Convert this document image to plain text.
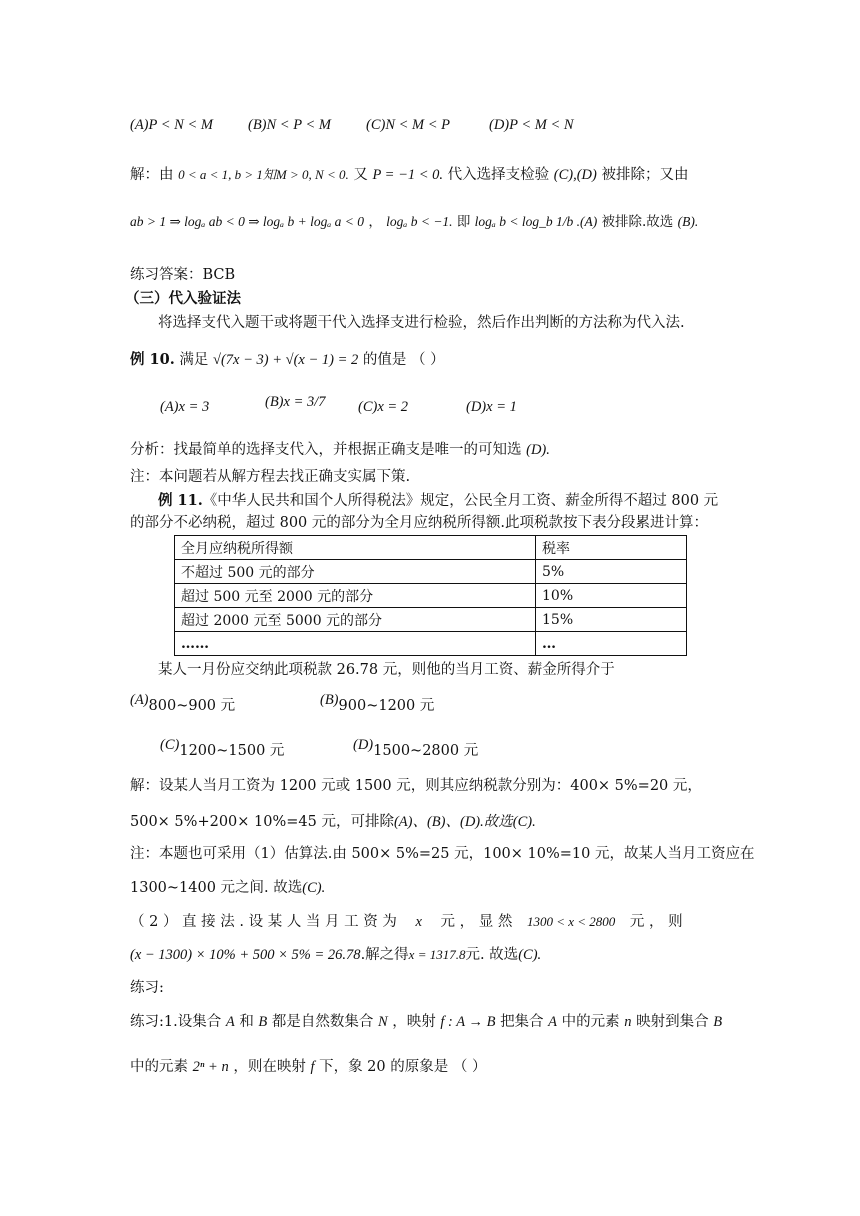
(A)P < N < M (B)N < P < M (C)N < M < P	(D)P < M < N
解：由 0 < a < 1, b > 1知M > 0, N < 0. 又 P = −1 < 0. 代入选择支检验 (C),(D) 被排除；又由
ab > 1 ⇒ logₐ ab < 0 ⇒ logₐ b + logₐ a < 0 ， logₐ b < −1. 即 logₐ b < log_b 1/b .(A) 被排除.故选 (B).
练习答案：BCB
（三）代入验证法
将选择支代入题干或将题干代入选择支进行检验，然后作出判断的方法称为代入法.
例 10. 满足 √(7x − 3) + √(x − 1) = 2 的值是 （ ）
(A)x = 3	(B)x = 3/7 (C)x = 2	(D)x = 1
分析：找最简单的选择支代入，并根据正确支是唯一的可知选 (D).
注：本问题若从解方程去找正确支实属下策.
例 11.《中华人民共和国个人所得税法》规定，公民全月工资、薪金所得不超过 800 元
的部分不必纳税，超过 800 元的部分为全月应纳税所得额.此项税款按下表分段累进计算：
全月应纳税所得额	税率
不超过 500 元的部分	5%
超过 500 元至 2000 元的部分	10%
超过 2000 元至 5000 元的部分	15%
……	…
某人一月份应交纳此项税款 26.78 元，则他的当月工资、薪金所得介于
(A)800~900 元	(B)900~1200 元
(C)1200~1500 元	(D)1500~2800 元
解：设某人当月工资为 1200 元或 1500 元，则其应纳税款分别为：400× 5%=20 元，
500× 5%+200× 10%=45 元，可排除(A)、(B)、(D).故选(C).
注：本题也可采用（1）估算法.由 500× 5%=25 元，100× 10%=10 元，故某人当月工资应在
1300~1400 元之间. 故选(C).
（ 2 ） 直 接 法 . 设 某 人 当 月 工 资 为 x 元 ， 显 然 1300 < x < 2800 元 ， 则
(x − 1300) × 10% + 500 × 5% = 26.78.解之得x = 1317.8元. 故选(C).
练习:
练习:1.设集合 A 和 B 都是自然数集合 N ，映射 f : A → B 把集合 A 中的元素 n 映射到集合 B
中的元素 2ⁿ + n ，则在映射 f 下，象 20 的原象是 （ ）
